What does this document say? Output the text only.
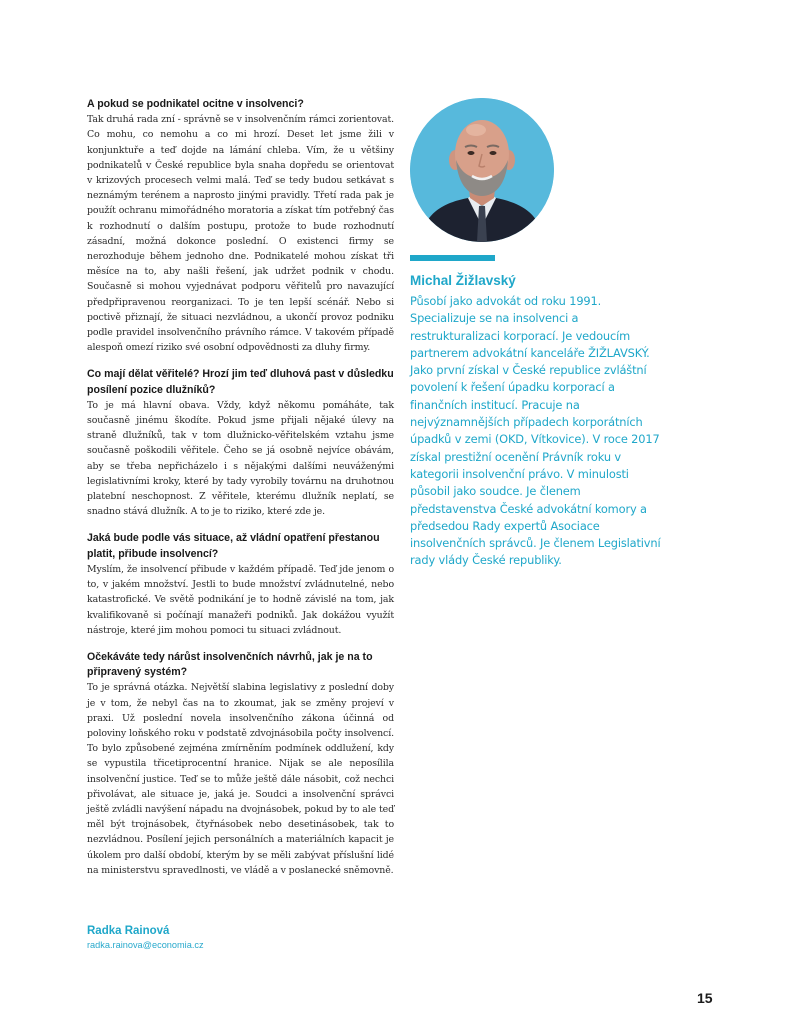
A pokud se podnikatel ocitne v insolvenci?

Tak druhá rada zní - správně se v insolvenčním rámci zorientovat. Co mohu, co nemohu a co mi hrozí. Deset let jsme žili v konjunktuře a teď dojde na lámání chleba. Vím, že u většiny podnikatelů v České republice byla snaha dopředu se orientovat v krizových procesech velmi malá. Teď se tedy budou setkávat s neznámým terénem a naprosto jinými pravidly. Třetí rada pak je použít ochranu mimořádného moratoria a získat tím potřebný čas k rozhodnutí o dalším postupu, protože to bude rozhodnutí zásadní, možná dokonce poslední. O existenci firmy se nerozhoduje během jednoho dne. Podnikatelé mohou získat tři měsíce na to, aby našli řešení, jak udržet podnik v chodu. Současně si mohou vyjednávat podporu věřitelů pro navazující předpřipravenou reorganizaci. To je ten lepší scénář. Nebo si poctivě přiznají, že situaci nezvládnou, a ukončí provoz podniku podle pravidel insolvenčního právního rámce. V takovém případě alespoň omezí riziko své osobní odpovědnosti za dluhy firmy.

Co mají dělat věřitelé? Hrozí jim teď dluhová past v důsledku posílení pozice dlužníků?

To je má hlavní obava. Vždy, když někomu pomáháte, tak současně jinému škodíte. Pokud jsme přijali nějaké úlevy na straně dlužníků, tak v tom dlužnicko-věřitelském vztahu jsme současně poškodili věřitele. Čeho se já osobně nejvíce obávám, aby se třeba nepřicházelo i s nějakými dalšími neuváženými legislativními kroky, které by tady vyrobily továrnu na druhotnou platební neschopnost. Z věřitele, kterému dlužník neplatí, se snadno stává dlužník. A to je to riziko, které zde je.

Jaká bude podle vás situace, až vládní opatření přestanou platit, přibude insolvencí?

Myslím, že insolvencí přibude v každém případě. Teď jde jenom o to, v jakém množství. Jestli to bude množství zvládnutelné, nebo katastrofické. Ve světě podnikání je to hodně závislé na tom, jak kvalifikovaně si počínají manažeři podniků. Jak dokážou využít nástroje, které jim mohou pomoci tu situaci zvládnout.

Očekáváte tedy nárůst insolvenčních návrhů, jak je na to připravený systém?

To je správná otázka. Největší slabina legislativy z poslední doby je v tom, že nebyl čas na to zkoumat, jak se změny projeví v praxi. Už poslední novela insolvenčního zákona účinná od poloviny loňského roku v podstatě zdvojnásobila počty insolvencí. To bylo způsobené zejména zmírněním podmínek oddlužení, kdy se vypustila třicetiprocentní hranice. Nijak se ale neposílila insolvenční justice. Teď se to může ještě dále násobit, což nechci přivolávat, ale situace je, jaká je. Soudci a insolvenční správci ještě zvládli navýšení nápadu na dvojnásobek, pokud by to ale teď měl být trojnásobek, čtyřnásobek nebo desetinásobek, tak to nezvládnou. Posílení jejich personálních a materiálních kapacit je úkolem pro další období, kterým by se měli zabývat příslušní lidé na ministerstvu spravedlnosti, ve vládě a v poslanecké sněmovně.

Radka Rainová
radka.rainova@economia.cz
Michal Žižlavský

Působí jako advokát od roku 1991. Specializuje se na insolvenci a restrukturalizaci korporací. Je vedoucím partnerem advokátní kanceláře ŽIŽLAVSKÝ. Jako první získal v České republice zvláštní povolení k řešení úpadku korporací a finančních institucí. Pracuje na nejvýznamnějších případech korporátních úpadků v zemi (OKD, Vítkovice). V roce 2017 získal prestižní ocenění Právník roku v kategorii insolvenční právo. V minulosti působil jako soudce. Je členem představenstva České advokátní komory a předsedou Rady expertů Asociace insolvenčních správců. Je členem Legislativní rady vlády České republiky.

15
